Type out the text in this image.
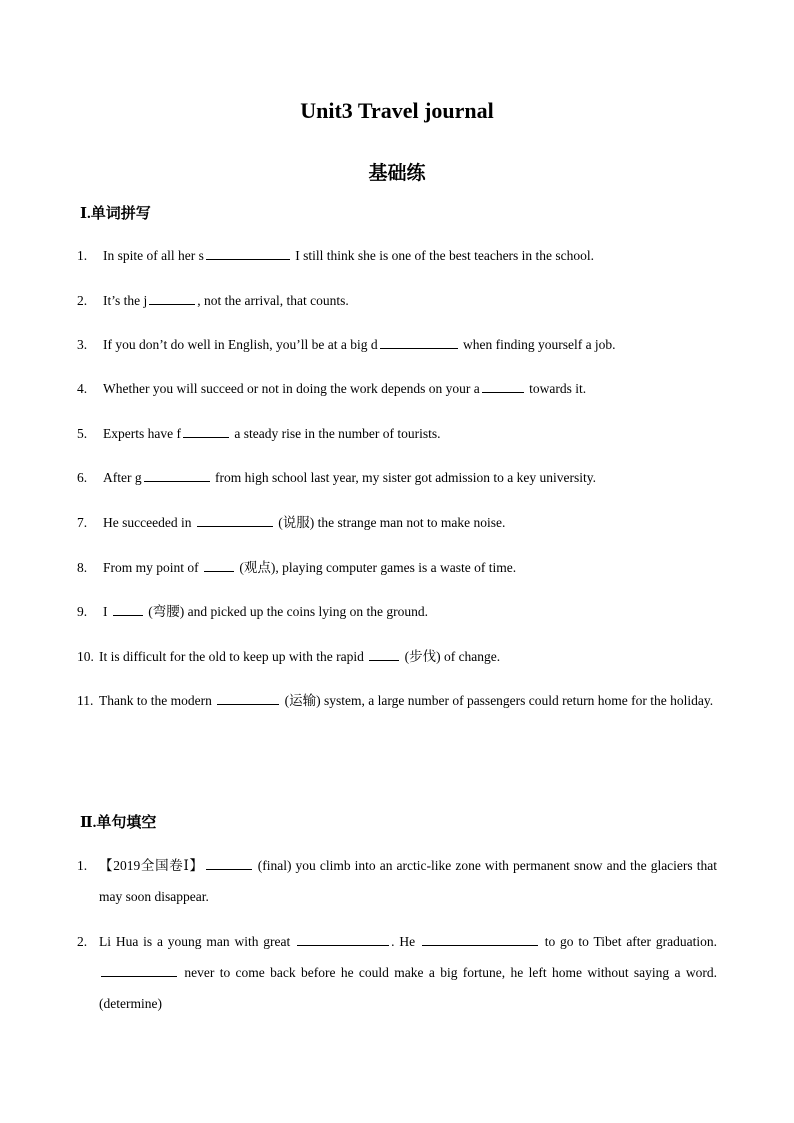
Unit3 Travel journal
基础练
Ⅰ.单词拼写
1.	In spite of all her s	I still think she is one of the best teachers in the school.
2.	It’s the j	, not the arrival, that counts.
3.	If you don’t do well in English, you’ll be at a big d	when finding yourself a job.
4.	Whether you will succeed or not in doing the work depends on your a	towards it.
5.	Experts have f	a steady rise in the number of tourists.
6.	After g	from high school last year, my sister got admission to a key university.
7.	He succeeded in	(说服) the strange man not to make noise.
8.	From my point of	(观点), playing computer games is a waste of time.
9.	I	(弯腰) and picked up the coins lying on the ground.
10. It is difficult for the old to keep up with the rapid	(步伐) of change.
11. Thank to the modern	(运输) system, a large number of passengers could return home for the holiday.
Ⅱ.单句填空
1. 【2019全国卷Ⅰ】	(final) you climb into an arctic-like zone with permanent snow and the glaciers that may soon disappear.
2. Li Hua is a young man with great	. He	to go to Tibet after graduation.  never to come back before he could make a big fortune, he left home without saying a word.(determine)
